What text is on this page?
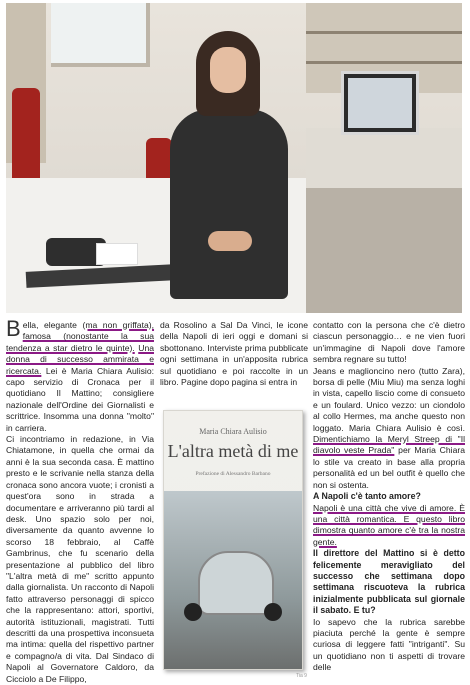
Bella, elegante (ma non griffata), famosa (nonostante la sua tendenza a star dietro le quinte). Una donna di successo ammirata e ricercata. Lei è Maria Chiara Aulisio: capo servizio di Cronaca per il quotidiano Il Mattino; consigliere nazionale dell'Ordine dei Giornalisti e scrittrice. Insomma una donna "molto" in carriera.

Ci incontriamo in redazione, in Via Chiatamone, in quella che ormai da anni è la sua seconda casa. È mattino presto e le scrivanie nella stanza della cronaca sono ancora vuote; i cronisti a quest'ora sono in strada a documentare e arriveranno più tardi al desk. Uno spazio solo per noi, diversamente da quanto avvenne lo scorso 18 febbraio, al Caffè Gambrinus, che fu scenario della presentazione al pubblico del libro "L'altra metà di me" scritto appunto dalla giornalista. Un racconto di Napoli fatto attraverso personaggi di spicco che la rappresentano: attori, sportivi, autorità istituzionali, magistrati. Tutti descritti da una prospettiva inconsueta ma intima: quella del rispettivo partner e compagno/a di vita. Dal Sindaco di Napoli al Governatore Caldoro, da Cicciolo a De Filippo,

da Rosolino a Sal Da Vinci, le icone della Napoli di ieri oggi e domani si sbottonano. Interviste prima pubblicate ogni settimana in un'apposita rubrica sul quotidiano e poi raccolte in un libro. Pagine dopo pagina si entra in

Maria Chiara Aulisio
L'altra metà di me
Prefazione di Alessandro Barbano

contatto con la persona che c'è dietro ciascun personaggio… e ne vien fuori un'immagine di Napoli dove l'amore sembra regnare su tutto!

Jeans e maglioncino nero (tutto Zara), borsa di pelle (Miu Miu) ma senza loghi in vista, capello liscio come di consueto e un foulard. Unico vezzo: un ciondolo al collo Hermes, ma anche questo non loggato. Maria Chiara Aulisio è così. Dimentichiamo la Meryl Streep di "Il diavolo veste Prada" per Maria Chiara lo stile va creato in base alla propria personalità ed un bel outfit è quello che non si ostenta.

A Napoli c'è tanto amore?

Napoli è una città che vive di amore. È una città romantica. E questo libro dimostra quanto amore c'è tra la nostra gente.

Il direttore del Mattino si è detto felicemente meravigliato del successo che settimana dopo settimana riscuoteva la rubrica inizialmente pubblicata sul giornale il sabato. E tu?

Io sapevo che la rubrica sarebbe piaciuta perché la gente è sempre curiosa di leggere fatti "intriganti". Su un quotidiano non ti aspetti di trovare delle

Tia 9
